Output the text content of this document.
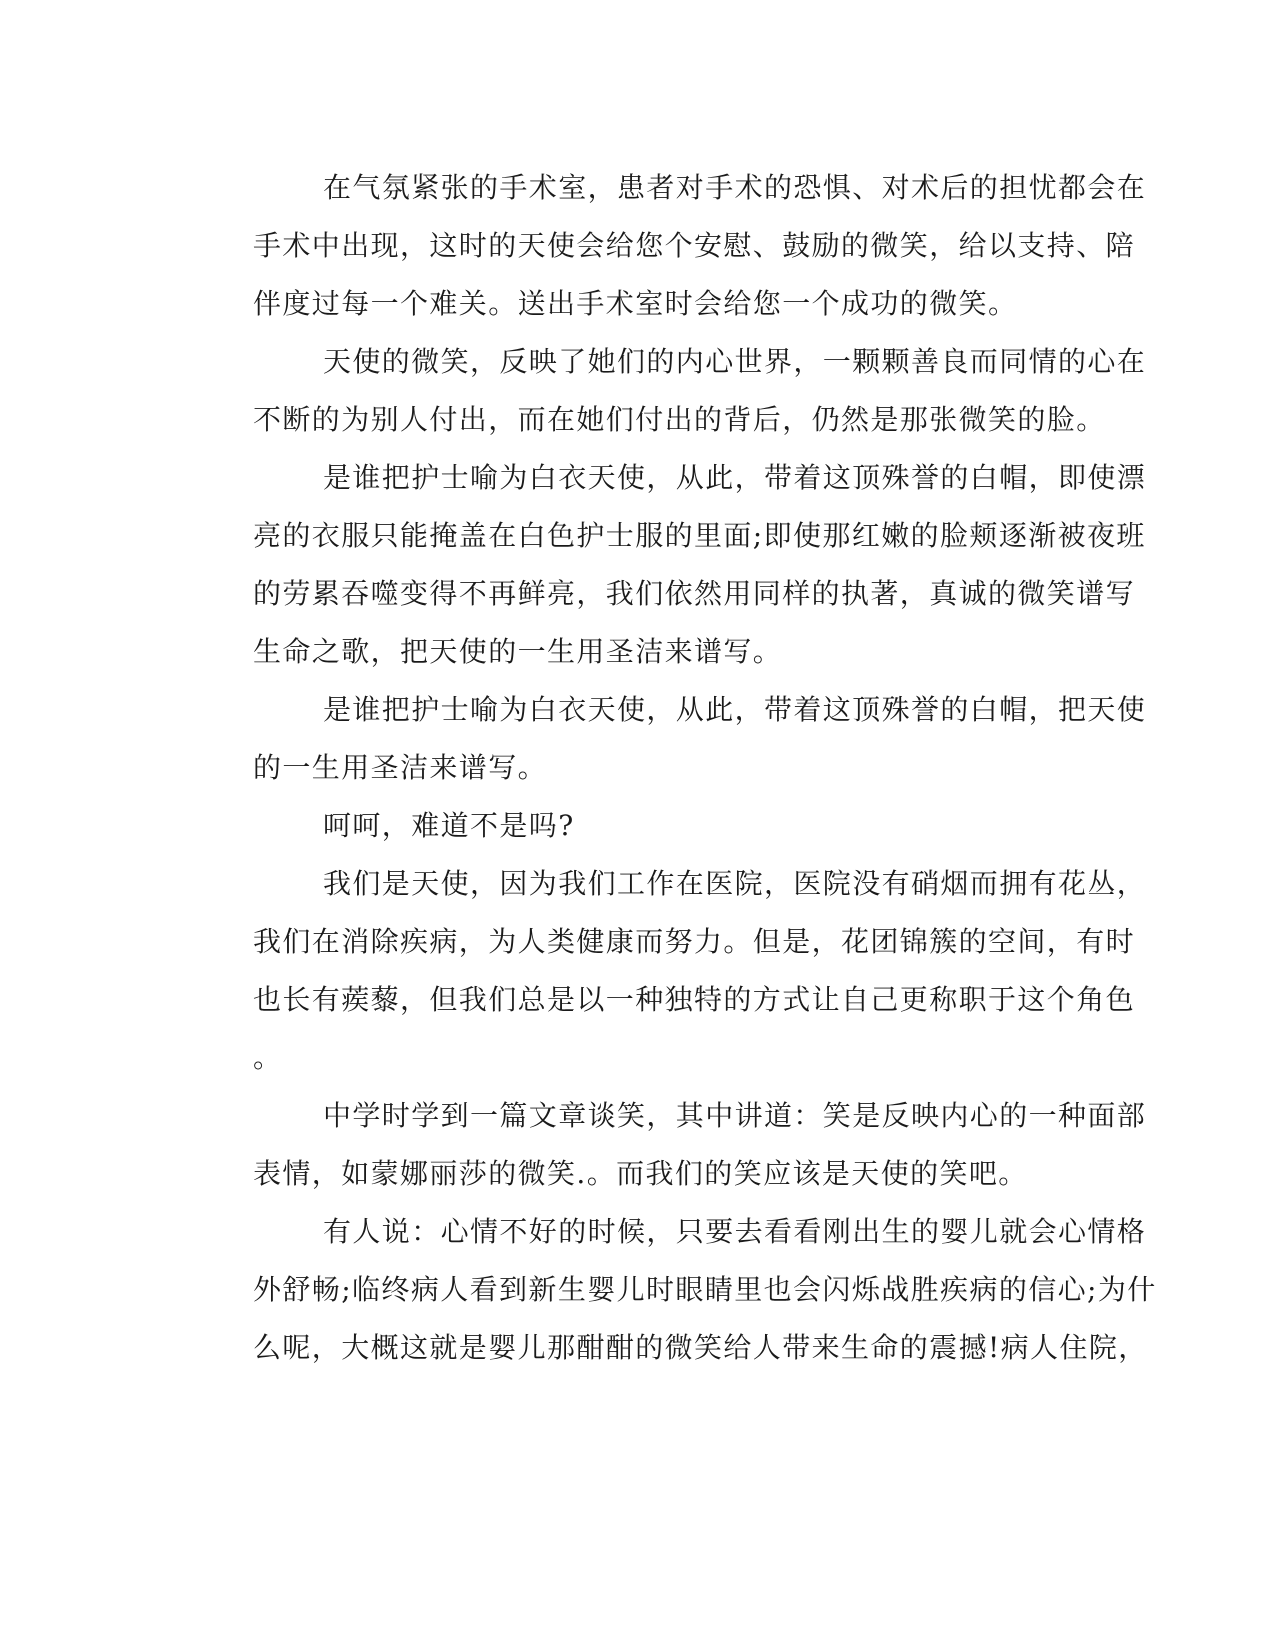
在气氛紧张的手术室，患者对手术的恐惧、对术后的担忧都会在
手术中出现，这时的天使会给您个安慰、鼓励的微笑，给以支持、陪
伴度过每一个难关。送出手术室时会给您一个成功的微笑。
天使的微笑，反映了她们的内心世界，一颗颗善良而同情的心在
不断的为别人付出，而在她们付出的背后，仍然是那张微笑的脸。
是谁把护士喻为白衣天使，从此，带着这顶殊誉的白帽，即使漂
亮的衣服只能掩盖在白色护士服的里面;即使那红嫩的脸颊逐渐被夜班
的劳累吞噬变得不再鲜亮，我们依然用同样的执著，真诚的微笑谱写
生命之歌，把天使的一生用圣洁来谱写。
是谁把护士喻为白衣天使，从此，带着这顶殊誉的白帽，把天使
的一生用圣洁来谱写。
呵呵，难道不是吗?
我们是天使，因为我们工作在医院，医院没有硝烟而拥有花丛，
我们在消除疾病，为人类健康而努力。但是，花团锦簇的空间，有时
也长有蒺藜，但我们总是以一种独特的方式让自己更称职于这个角色
。
中学时学到一篇文章谈笑，其中讲道：笑是反映内心的一种面部
表情，如蒙娜丽莎的微笑.。而我们的笑应该是天使的笑吧。
有人说：心情不好的时候，只要去看看刚出生的婴儿就会心情格
外舒畅;临终病人看到新生婴儿时眼睛里也会闪烁战胜疾病的信心;为什
么呢，大概这就是婴儿那酣酣的微笑给人带来生命的震撼!病人住院，
